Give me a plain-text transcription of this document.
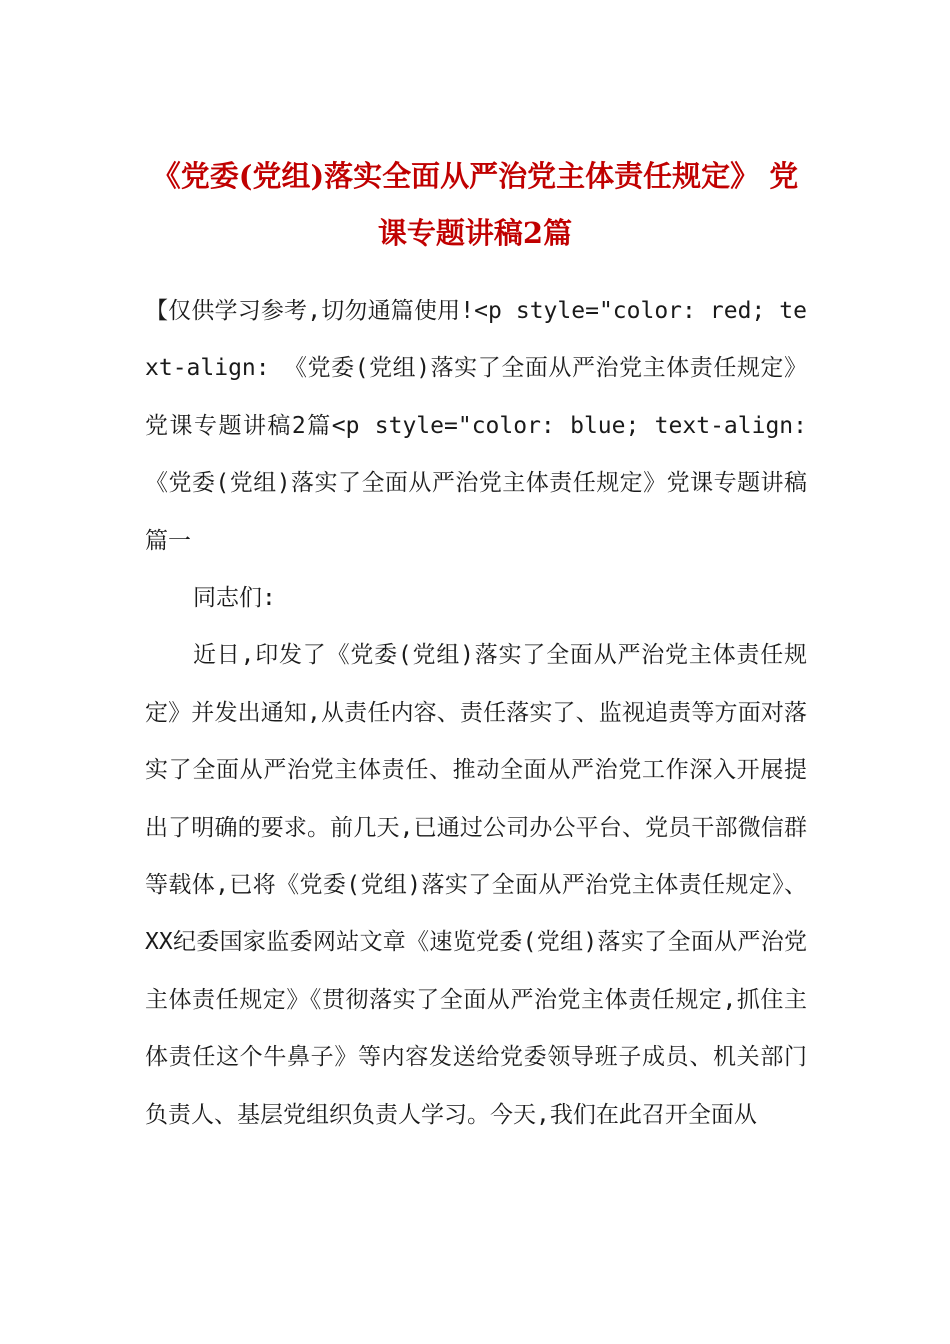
《党委(党组)落实全面从严治党主体责任规定》 党课专题讲稿2篇

【仅供学习参考,切勿通篇使用!<p style="color: red; text-align: 《党委(党组)落实了全面从严治党主体责任规定》 党课专题讲稿2篇<p style="color: blue; text-align: 《党委(党组)落实了全面从严治党主体责任规定》党课专题讲稿篇一

同志们:

近日,印发了《党委(党组)落实了全面从严治党主体责任规定》并发出通知,从责任内容、责任落实了、监视追责等方面对落实了全面从严治党主体责任、推动全面从严治党工作深入开展提出了明确的要求。前几天,已通过公司办公平台、党员干部微信群等载体,已将《党委(党组)落实了全面从严治党主体责任规定》、XX纪委国家监委网站文章《速览党委(党组)落实了全面从严治党主体责任规定》《贯彻落实了全面从严治党主体责任规定,抓住主体责任这个牛鼻子》等内容发送给党委领导班子成员、机关部门负责人、基层党组织负责人学习。今天,我们在此召开全面从
